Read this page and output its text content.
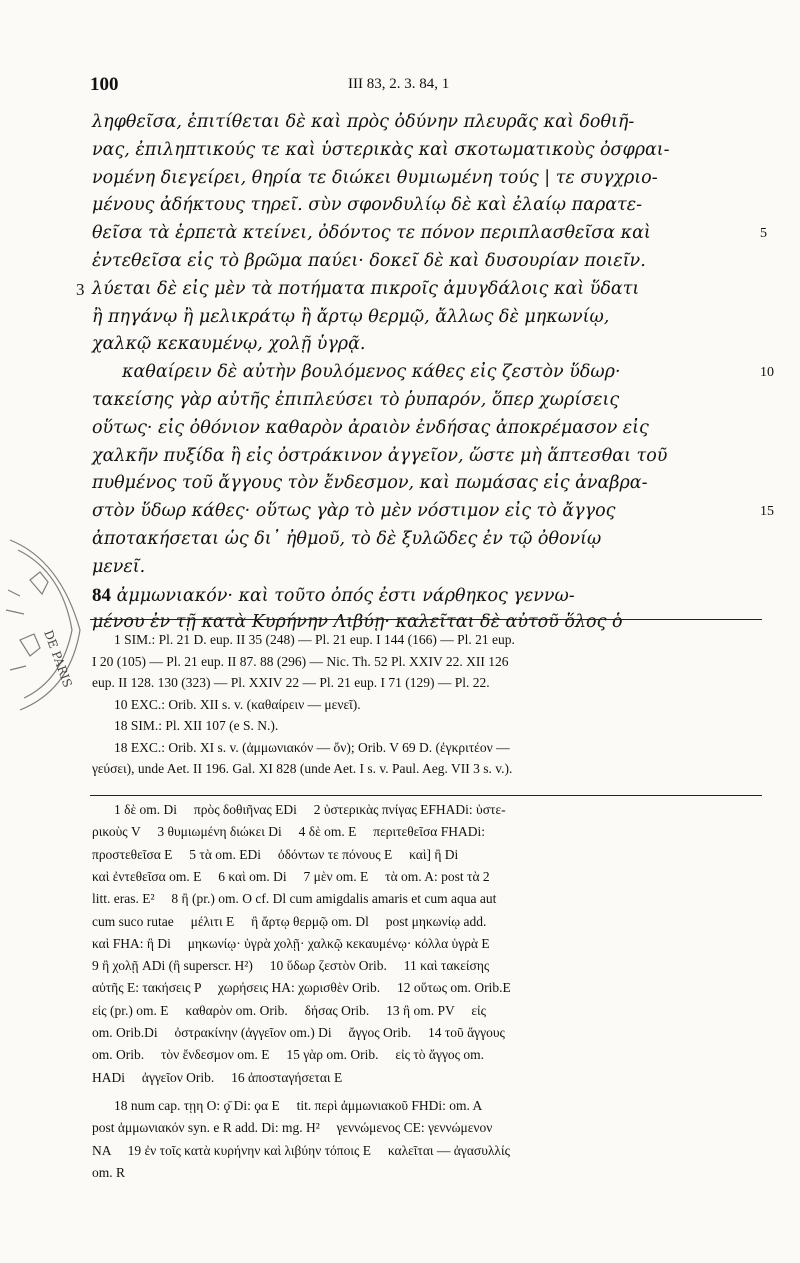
100	III 83, 2. 3. 84, 1
ληφθεῖσα, ἐπιτίθεται δὲ καὶ πρὸς ὀδύνην πλευρᾶς καὶ δοθιῆ-
νας, ἐπιληπτικούς τε καὶ ὑστερικὰς καὶ σκοτωματικοὺς ὀσφραι-
νομένη διεγείρει, θηρία τε διώκει θυμιωμένη τούς | τε συγχριο-
μένους ἀδήκτους τηρεῖ. σὺν σφονδυλίῳ δὲ καὶ ἐλαίῳ παρατε-
θεῖσα τὰ ἑρπετὰ κτείνει, ὀδόντος τε πόνον περιπλασθεῖσα καὶ	5
ἐντεθεῖσα εἰς τὸ βρῶμα παύει· δοκεῖ δὲ καὶ δυσουρίαν ποιεῖν.
λύεται δὲ εἰς μὲν τὰ ποτήματα πικροῖς ἀμυγδάλοις καὶ ὕδατι
3
ἢ πηγάνῳ ἢ μελικράτῳ ἢ ἄρτῳ θερμῷ, ἄλλως δὲ μηκωνίῳ,
χαλκῷ κεκαυμένῳ, χολῇ ὑγρᾷ.
καθαίρειν δὲ αὐτὴν βουλόμενος κάθες εἰς ζεστὸν ὕδωρ·	10
τακείσης γὰρ αὐτῆς ἐπιπλεύσει τὸ ῥυπαρόν, ὅπερ χωρίσεις
οὕτως· εἰς ὀθόνιον καθαρὸν ἀραιὸν ἐνδήσας ἀποκρέμασον εἰς
χαλκῆν πυξίδα ἢ εἰς ὀστράκινον ἀγγεῖον, ὥστε μὴ ἅπτεσθαι τοῦ
πυθμένος τοῦ ἄγγους τὸν ἔνδεσμον, καὶ πωμάσας εἰς ἀναβρα-
στὸν ὕδωρ κάθες· οὕτως γὰρ τὸ μὲν νόστιμον εἰς τὸ ἄγγος	15
ἀποτακήσεται ὡς δι᾽ ἠθμοῦ, τὸ δὲ ξυλῶδες ἐν τῷ ὀθονίῳ
μενεῖ.
84 ἀμμωνιακόν· καὶ τοῦτο ὀπός ἐστι νάρθηκος γεννω-
μένου ἐν τῇ κατὰ Κυρήνην Λιβύῃ· καλεῖται δὲ αὐτοῦ ὅλος ὁ
1 SIM.: Pl. 21 D. eup. II 35 (248) — Pl. 21 eup. I 144 (166) — Pl. 21 eup.
I 20 (105) — Pl. 21 eup. II 87. 88 (296) — Nic. Th. 52 Pl. XXIV 22. XII 126
eup. II 128. 130 (323) — Pl. XXIV 22 — Pl. 21 eup. I 71 (129) — Pl. 22.
10 EXC.: Orib. XII s. v. (καθαίρειν — μενεῖ).
18 SIM.: Pl. XII 107 (e S. N.).
18 EXC.: Orib. XI s. v. (ἀμμωνιακόν — ὄν); Orib. V 69 D. (ἐγκριτέον —
γεύσει), unde Aet. II 196. Gal. XI 828 (unde Aet. I s. v. Paul. Aeg. VII 3 s. v.).
1 δὲ om. Di     πρὸς δοθιῆνας EDi     2 ὑστερικὰς πνίγας EFHADi: ὑστε-
ρικοὺς V     3 θυμιωμένη διώκει Di     4 δὲ om. E     περιτεθεῖσα FHADi:
προστεθεῖσα E     5 τὰ om. EDi     ὀδόντων τε πόνους E     καὶ] ἢ Di
καὶ ἐντεθεῖσα om. E     6 καὶ om. Di     7 μὲν om. E     τὰ om. A: post τὰ 2
litt. eras. E²     8 ἢ (pr.) om. O cf. Dl cum amigdalis amaris et cum aqua aut
cum suco rutae     μέλιτι E     ἢ ἄρτῳ θερμῷ om. Dl     post μηκωνίῳ add.
καὶ FHA: ἢ Di     μηκωνίῳ· ὑγρὰ χολῇ· χαλκῷ κεκαυμένῳ· κόλλα ὑγρὰ E
9 ἢ χολῇ ADi (ἢ superscr. H²)     10 ὕδωρ ζεστὸν Orib.     11 καὶ τακείσης
αὐτῆς E: τακήσεις P     χωρήσεις HA: χωρισθὲν Orib.     12 οὕτως om. Orib.E
εἰς (pr.) om. E     καθαρὸν om. Orib.     δήσας Orib.     13 ἢ om. PV     εἰς
om. Orib.Di     ὀστρακίνην (ἀγγεῖον om.) Di     ἄγγος Orib.     14 τοῦ ἄγγους
om. Orib.     τὸν ἔνδεσμον om. E     15 γὰρ om. Orib.     εἰς τὸ ἄγγος om.
HADi     ἀγγεῖον Orib.     16 ἀποσταγήσεται E
18 num cap. τῃη O: ϙ̄ Di: ϙα E     tit. περὶ ἀμμωνιακοῦ FHDi: om. A
post ἀμμωνιακόν syn. e R add. Di: mg. H²     γεννώμενος CE: γεννώμενον
NA     19 ἐν τοῖς κατὰ κυρήνην καὶ λιβύην τόποις E     καλεῖται — ἀγασυλλίς
om. R
DE PARIS
